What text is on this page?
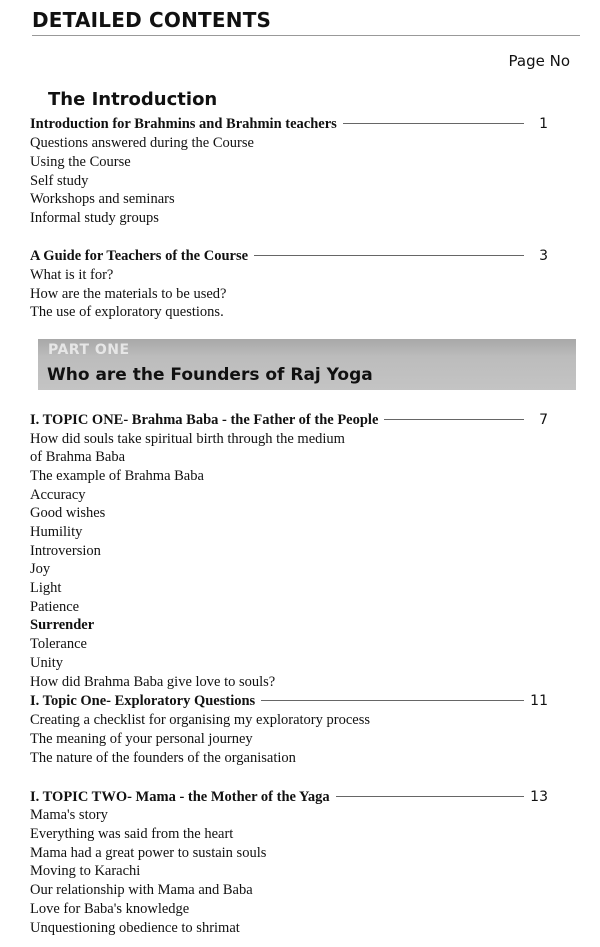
DETAILED CONTENTS
Page No
The Introduction
Introduction for Brahmins and Brahmin teachers	1
Questions answered during the Course
Using the Course
Self study
Workshops and seminars
Informal study groups
A Guide for Teachers of the Course	3
What is it for?
How are the materials to be used?
The use of exploratory questions.
PART ONE
Who are the Founders of Raj Yoga
I. TOPIC ONE- Brahma Baba - the Father of the People	7
How did souls take spiritual birth through the medium
of Brahma Baba
The example of Brahma Baba
Accuracy
Good wishes
Humility
Introversion
Joy
Light
Patience
Surrender
Tolerance
Unity
How did Brahma Baba give love to souls?
I. Topic One- Exploratory Questions	11
Creating a checklist for organising my exploratory process
The meaning of your personal journey
The nature of the founders of the organisation
I. TOPIC TWO- Mama - the Mother of the Yaga	13
Mama's story
Everything was said from the heart
Mama had a great power to sustain souls
Moving to Karachi
Our relationship with Mama and Baba
Love for Baba's knowledge
Unquestioning obedience to shrimat
